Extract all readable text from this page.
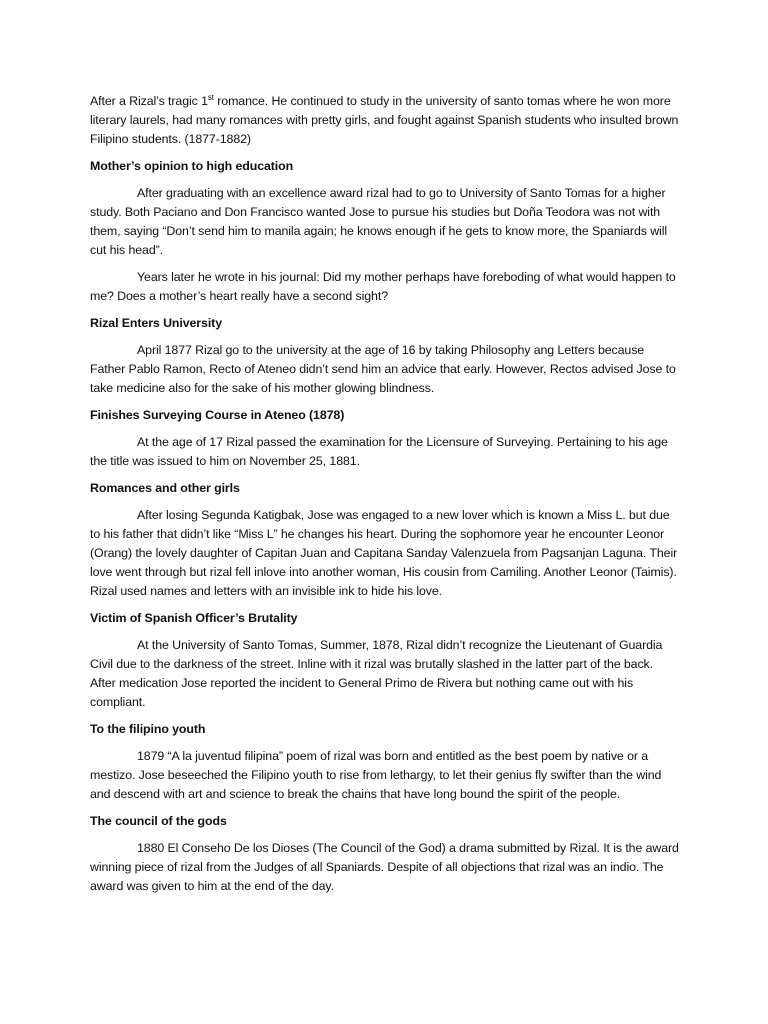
After a Rizal’s tragic 1st romance. He continued to study in the university of santo tomas where he won more literary laurels, had many romances with pretty girls, and fought against Spanish students who insulted brown Filipino students. (1877-1882)

Mother’s opinion to high education

After graduating with an excellence award rizal had to go to University of Santo Tomas for a higher study. Both Paciano and Don Francisco wanted Jose to pursue his studies but Doña Teodora was not with them, saying “Don’t send him to manila again; he knows enough if he gets to know more, the Spaniards will cut his head”.

Years later he wrote in his journal: Did my mother perhaps have foreboding of what would happen to me? Does a mother’s heart really have a second sight?

Rizal Enters University

April 1877 Rizal go to the university at the age of 16 by taking Philosophy ang Letters because Father Pablo Ramon, Recto of Ateneo didn’t send him an advice that early. However, Rectos advised Jose to take medicine also for the sake of his mother glowing blindness.

Finishes Surveying Course in Ateneo (1878)

At the age of 17 Rizal passed the examination for the Licensure of Surveying. Pertaining to his age the title was issued to him on November 25, 1881.

Romances and other girls

After losing Segunda Katigbak, Jose was engaged to a new lover which is known a Miss L. but due to his father that didn’t like “Miss L” he changes his heart. During the sophomore year he encounter Leonor (Orang) the lovely daughter of Capitan Juan and Capitana Sanday Valenzuela from Pagsanjan Laguna. Their love went through but rizal fell inlove into another woman, His cousin from Camiling. Another Leonor (Taimis). Rizal used names and letters with an invisible ink to hide his love.

Victim of Spanish Officer’s Brutality

At the University of Santo Tomas, Summer, 1878, Rizal didn’t recognize the Lieutenant of Guardia Civil due to the darkness of the street. Inline with it rizal was brutally slashed in the latter part of the back. After medication Jose reported the incident to General Primo de Rivera but nothing came out with his compliant.

To the filipino youth

1879 “A la juventud filipina” poem of rizal was born and entitled as the best poem by native or a mestizo. Jose beseeched the Filipino youth to rise from lethargy, to let their genius fly swifter than the wind and descend with art and science to break the chains that have long bound the spirit of the people.

The council of the gods

1880 El Conseho De los Dioses (The Council of the God) a drama submitted by Rizal. It is the award winning piece of rizal from the Judges of all Spaniards. Despite of all objections that rizal was an indio. The award was given to him at the end of the day.
